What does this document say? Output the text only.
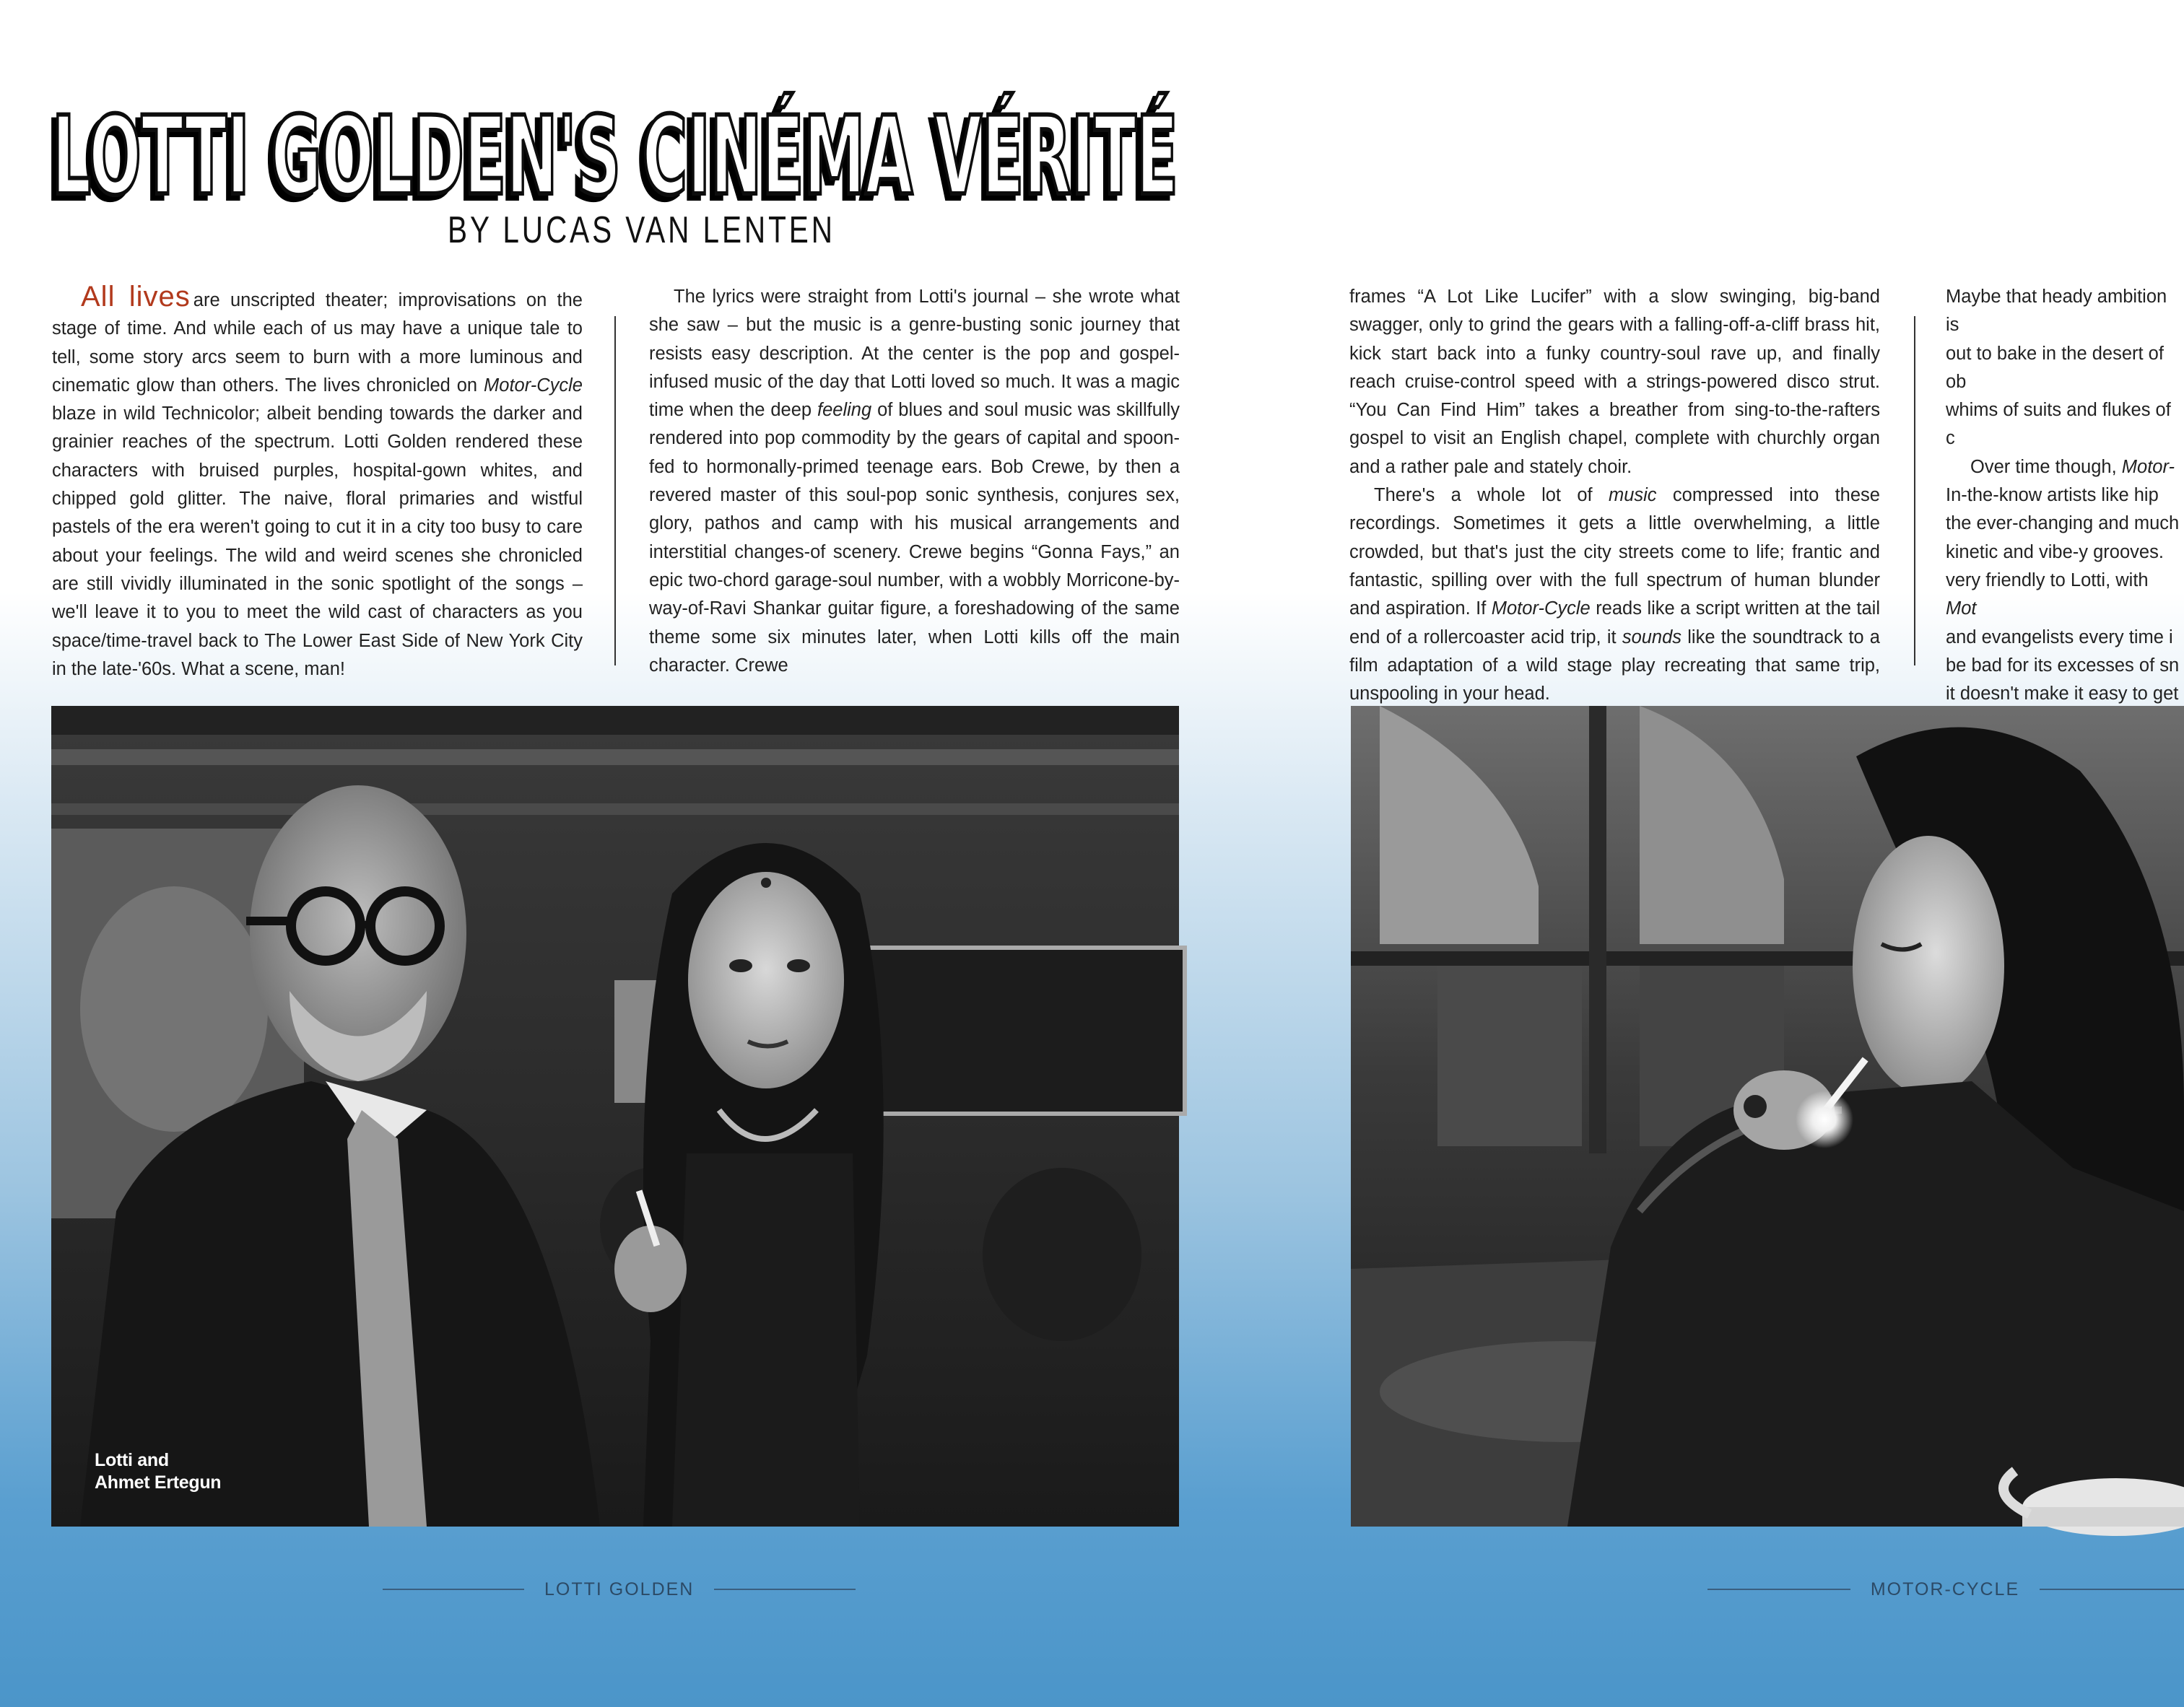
LOTTI GOLDEN'S CINÉMA VÉRITÉ
BY LUCAS VAN LENTEN

All lives are unscripted theater; improvisations on the stage of time. And while each of us may have a unique tale to tell, some story arcs seem to burn with a more luminous and cinematic glow than others. The lives chronicled on Motor-Cycle blaze in wild Technicolor; albeit bending towards the darker and grainier reaches of the spectrum. Lotti Golden rendered these characters with bruised purples, hospital-gown whites, and chipped gold glitter. The naive, floral primaries and wistful pastels of the era weren't going to cut it in a city too busy to care about your feelings. The wild and weird scenes she chronicled are still vividly illuminated in the sonic spotlight of the songs – we'll leave it to you to meet the wild cast of characters as you space/time-travel back to The Lower East Side of New York City in the late-'60s. What a scene, man!

The lyrics were straight from Lotti's journal – she wrote what she saw – but the music is a genre-busting sonic journey that resists easy description. At the center is the pop and gospel-infused music of the day that Lotti loved so much. It was a magic time when the deep feeling of blues and soul music was skillfully rendered into pop commodity by the gears of capital and spoon-fed to hormonally-primed teenage ears. Bob Crewe, by then a revered master of this soul-pop sonic synthesis, conjures sex, glory, pathos and camp with his musical arrangements and interstitial changes-of scenery. Crewe begins “Gonna Fays,” an epic two-chord garage-soul number, with a wobbly Morricone-by-way-of-Ravi Shankar guitar figure, a foreshadowing of the same theme some six minutes later, when Lotti kills off the main character. Crewe

frames “A Lot Like Lucifer” with a slow swinging, big-band swagger, only to grind the gears with a falling-off-a-cliff brass hit, kick start back into a funky country-soul rave up, and finally reach cruise-control speed with a strings-powered disco strut. “You Can Find Him” takes a breather from sing-to-the-rafters gospel to visit an English chapel, complete with churchly organ and a rather pale and stately choir.

There's a whole lot of music compressed into these recordings. Sometimes it gets a little overwhelming, a little crowded, but that's just the city streets come to life; frantic and fantastic, spilling over with the full spectrum of human blunder and aspiration. If Motor-Cycle reads like a script written at the tail end of a rollercoaster acid trip, it sounds like the soundtrack to a film adaptation of a wild stage play recreating that same trip, unspooling in your head.

Maybe that heady ambition is
out to bake in the desert of ob
whims of suits and flukes of c
Over time though, Motor-
In-the-know artists like hip
the ever-changing and much
kinetic and vibe-y grooves.
very friendly to Lotti, with Mot
and evangelists every time i
be bad for its excesses of sn
it doesn't make it easy to get
Lotti and
Ahmet Ertegun
LOTTI GOLDEN	MOTOR-CYCLE
